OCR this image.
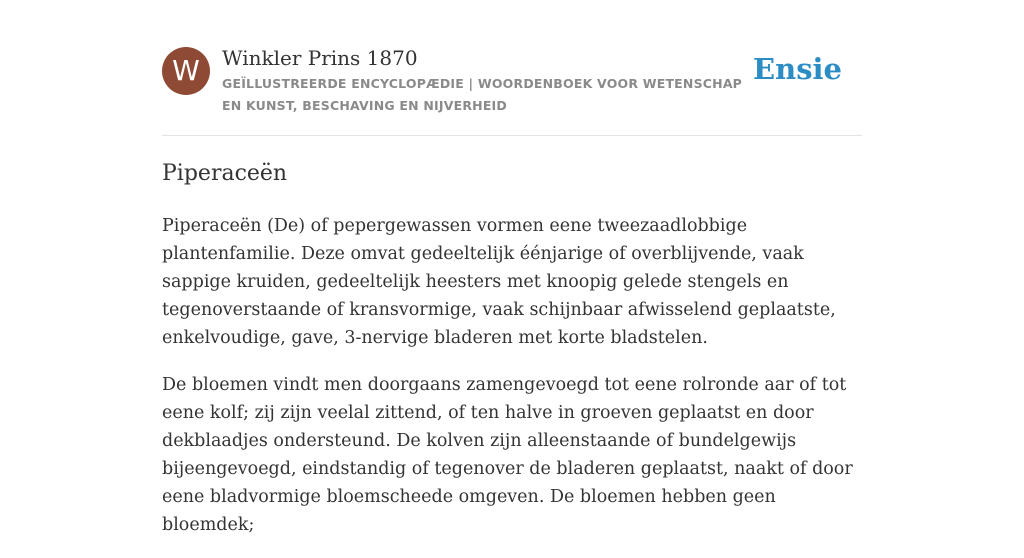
W	Winkler Prins 1870
GEÏLLUSTREERDE ENCYCLOPÆDIE | WOORDENBOEK VOOR WETENSCHAP EN KUNST, BESCHAVING EN NIJVERHEID
Ensie
Piperaceën

Piperaceën (De) of pepergewassen vormen eene tweezaadlobbige plantenfamilie. Deze omvat gedeeltelijk éénjarige of overblijvende, vaak sappige kruiden, gedeeltelijk heesters met knoopig gelede stengels en tegenoverstaande of kransvormige, vaak schijnbaar afwisselend geplaatste, enkelvoudige, gave, 3-nervige bladeren met korte bladstelen.

De bloemen vindt men doorgaans zamengevoegd tot eene rolronde aar of tot eene kolf; zij zijn veelal zittend, of ten halve in groeven geplaatst en door dekblaadjes ondersteund. De kolven zijn alleenstaande of bundelgewijs bijeengevoegd, eindstandig of tegenover de bladeren geplaatst, naakt of door eene bladvormige bloemscheede omgeven. De bloemen hebben geen bloemdek;
